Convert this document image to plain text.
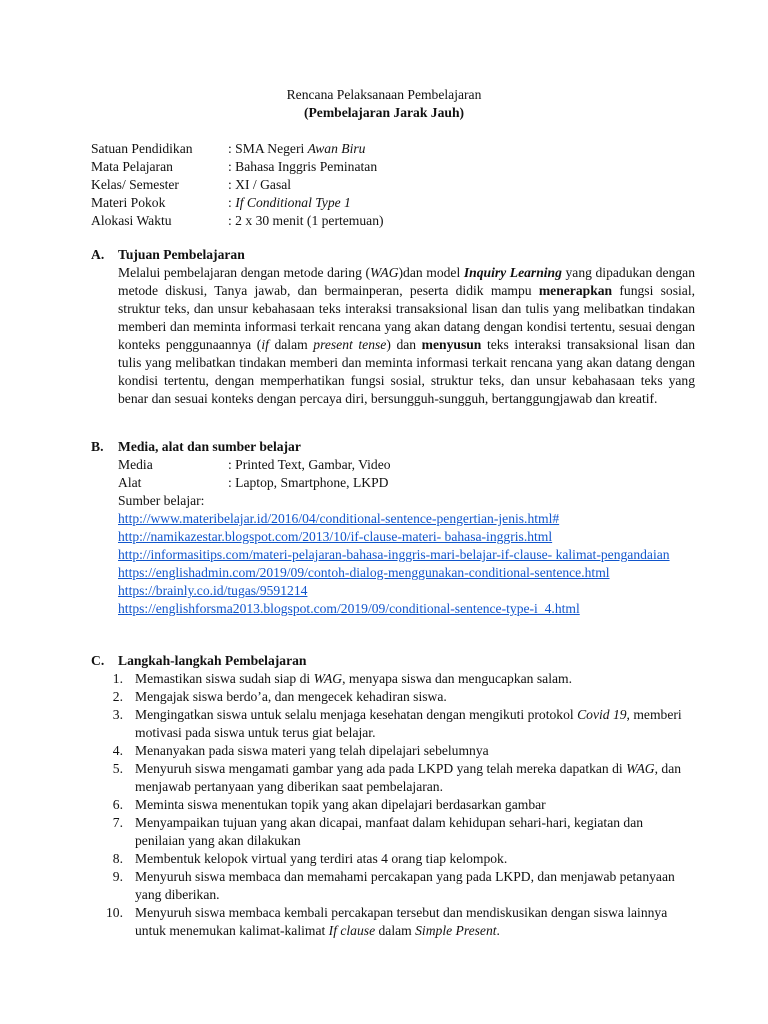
Rencana Pelaksanaan Pembelajaran
(Pembelajaran Jarak Jauh)
Satuan Pendidikan	: SMA Negeri Awan Biru
Mata Pelajaran	: Bahasa Inggris Peminatan
Kelas/ Semester	: XI / Gasal
Materi Pokok	: If Conditional Type 1
Alokasi Waktu	: 2 x 30 menit (1 pertemuan)
A. Tujuan Pembelajaran
Melalui pembelajaran dengan metode daring (WAG)dan model Inquiry Learning yang dipadukan dengan metode diskusi, Tanya jawab, dan bermainperan, peserta didik mampu menerapkan fungsi sosial, struktur teks, dan unsur kebahasaan teks interaksi transaksional lisan dan tulis yang melibatkan tindakan memberi dan meminta informasi terkait rencana yang akan datang dengan kondisi tertentu, sesuai dengan konteks penggunaannya (if dalam present tense) dan menyusun teks interaksi transaksional lisan dan tulis yang melibatkan tindakan memberi dan meminta informasi terkait rencana yang akan datang dengan kondisi tertentu, dengan memperhatikan fungsi sosial, struktur teks, dan unsur kebahasaan teks yang benar dan sesuai konteks dengan percaya diri, bersungguh-sungguh, bertanggungjawab dan kreatif.
B. Media, alat dan sumber belajar
Media	: Printed Text, Gambar, Video
Alat	: Laptop, Smartphone, LKPD
Sumber belajar:
http://www.materibelajar.id/2016/04/conditional-sentence-pengertian-jenis.html#
http://namikazestar.blogspot.com/2013/10/if-clause-materi- bahasa-inggris.html
http://informasitips.com/materi-pelajaran-bahasa-inggris-mari-belajar-if-clause- kalimat-pengandaian
https://englishadmin.com/2019/09/contoh-dialog-menggunakan-conditional-sentence.html
https://brainly.co.id/tugas/9591214
https://englishforsma2013.blogspot.com/2019/09/conditional-sentence-type-i_4.html
C. Langkah-langkah Pembelajaran
1. Memastikan siswa sudah siap di WAG, menyapa siswa dan mengucapkan salam.
2. Mengajak siswa berdo’a, dan mengecek kehadiran siswa.
3. Mengingatkan siswa untuk selalu menjaga kesehatan dengan mengikuti protokol Covid 19, memberi motivasi pada siswa untuk terus giat belajar.
4. Menanyakan pada siswa materi yang telah dipelajari sebelumnya
5. Menyuruh siswa mengamati gambar yang ada pada LKPD yang telah mereka dapatkan di WAG, dan menjawab pertanyaan yang diberikan saat pembelajaran.
6. Meminta siswa menentukan topik yang akan dipelajari berdasarkan gambar
7. Menyampaikan tujuan yang akan dicapai, manfaat dalam kehidupan sehari-hari, kegiatan dan penilaian yang akan dilakukan
8. Membentuk kelopok virtual yang terdiri atas 4 orang tiap kelompok.
9. Menyuruh siswa membaca dan memahami percakapan yang pada LKPD, dan menjawab petanyaan yang diberikan.
10. Menyuruh siswa membaca kembali percakapan tersebut dan mendiskusikan dengan siswa lainnya untuk menemukan kalimat-kalimat If clause dalam Simple Present.
